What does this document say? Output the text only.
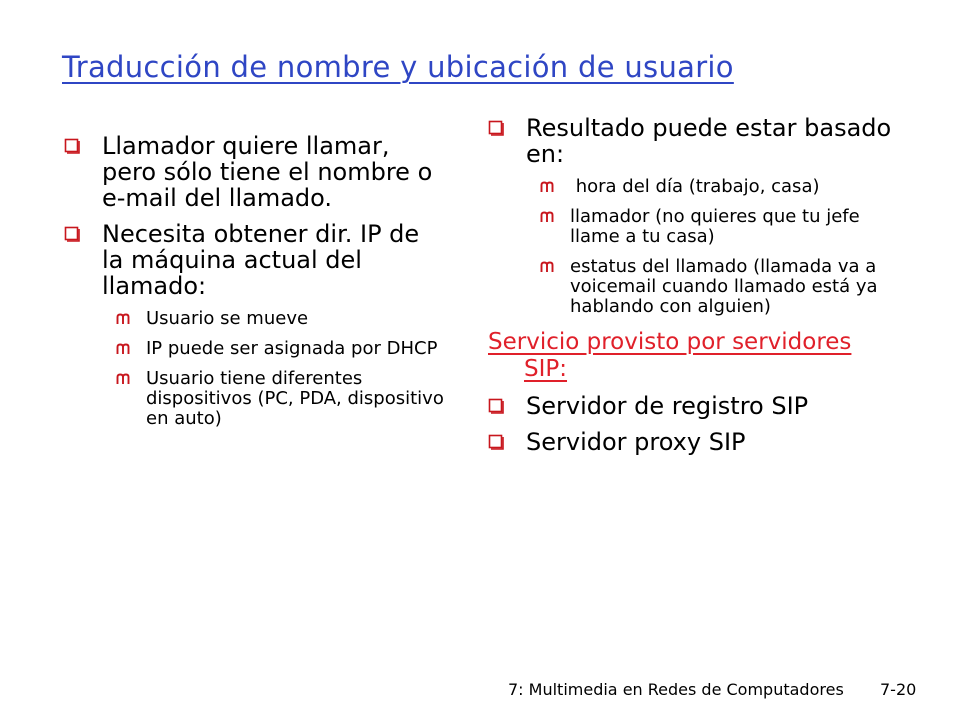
Traducción de nombre y ubicación de usuario
Llamador quiere llamar, pero sólo tiene el nombre o e-mail del llamado.
Necesita obtener dir. IP de la máquina actual del llamado:
Usuario se mueve
IP puede ser asignada por DHCP
Usuario tiene diferentes dispositivos (PC, PDA, dispositivo en auto)
Resultado puede estar basado en:
hora del día (trabajo, casa)
llamador (no quieres que tu jefe llame a tu casa)
estatus del llamado (llamada va a voicemail cuando llamado está ya hablando con alguien)
Servicio provisto por servidores SIP:
Servidor de registro SIP
Servidor proxy SIP
7: Multimedia en Redes de Computadores 7-20
